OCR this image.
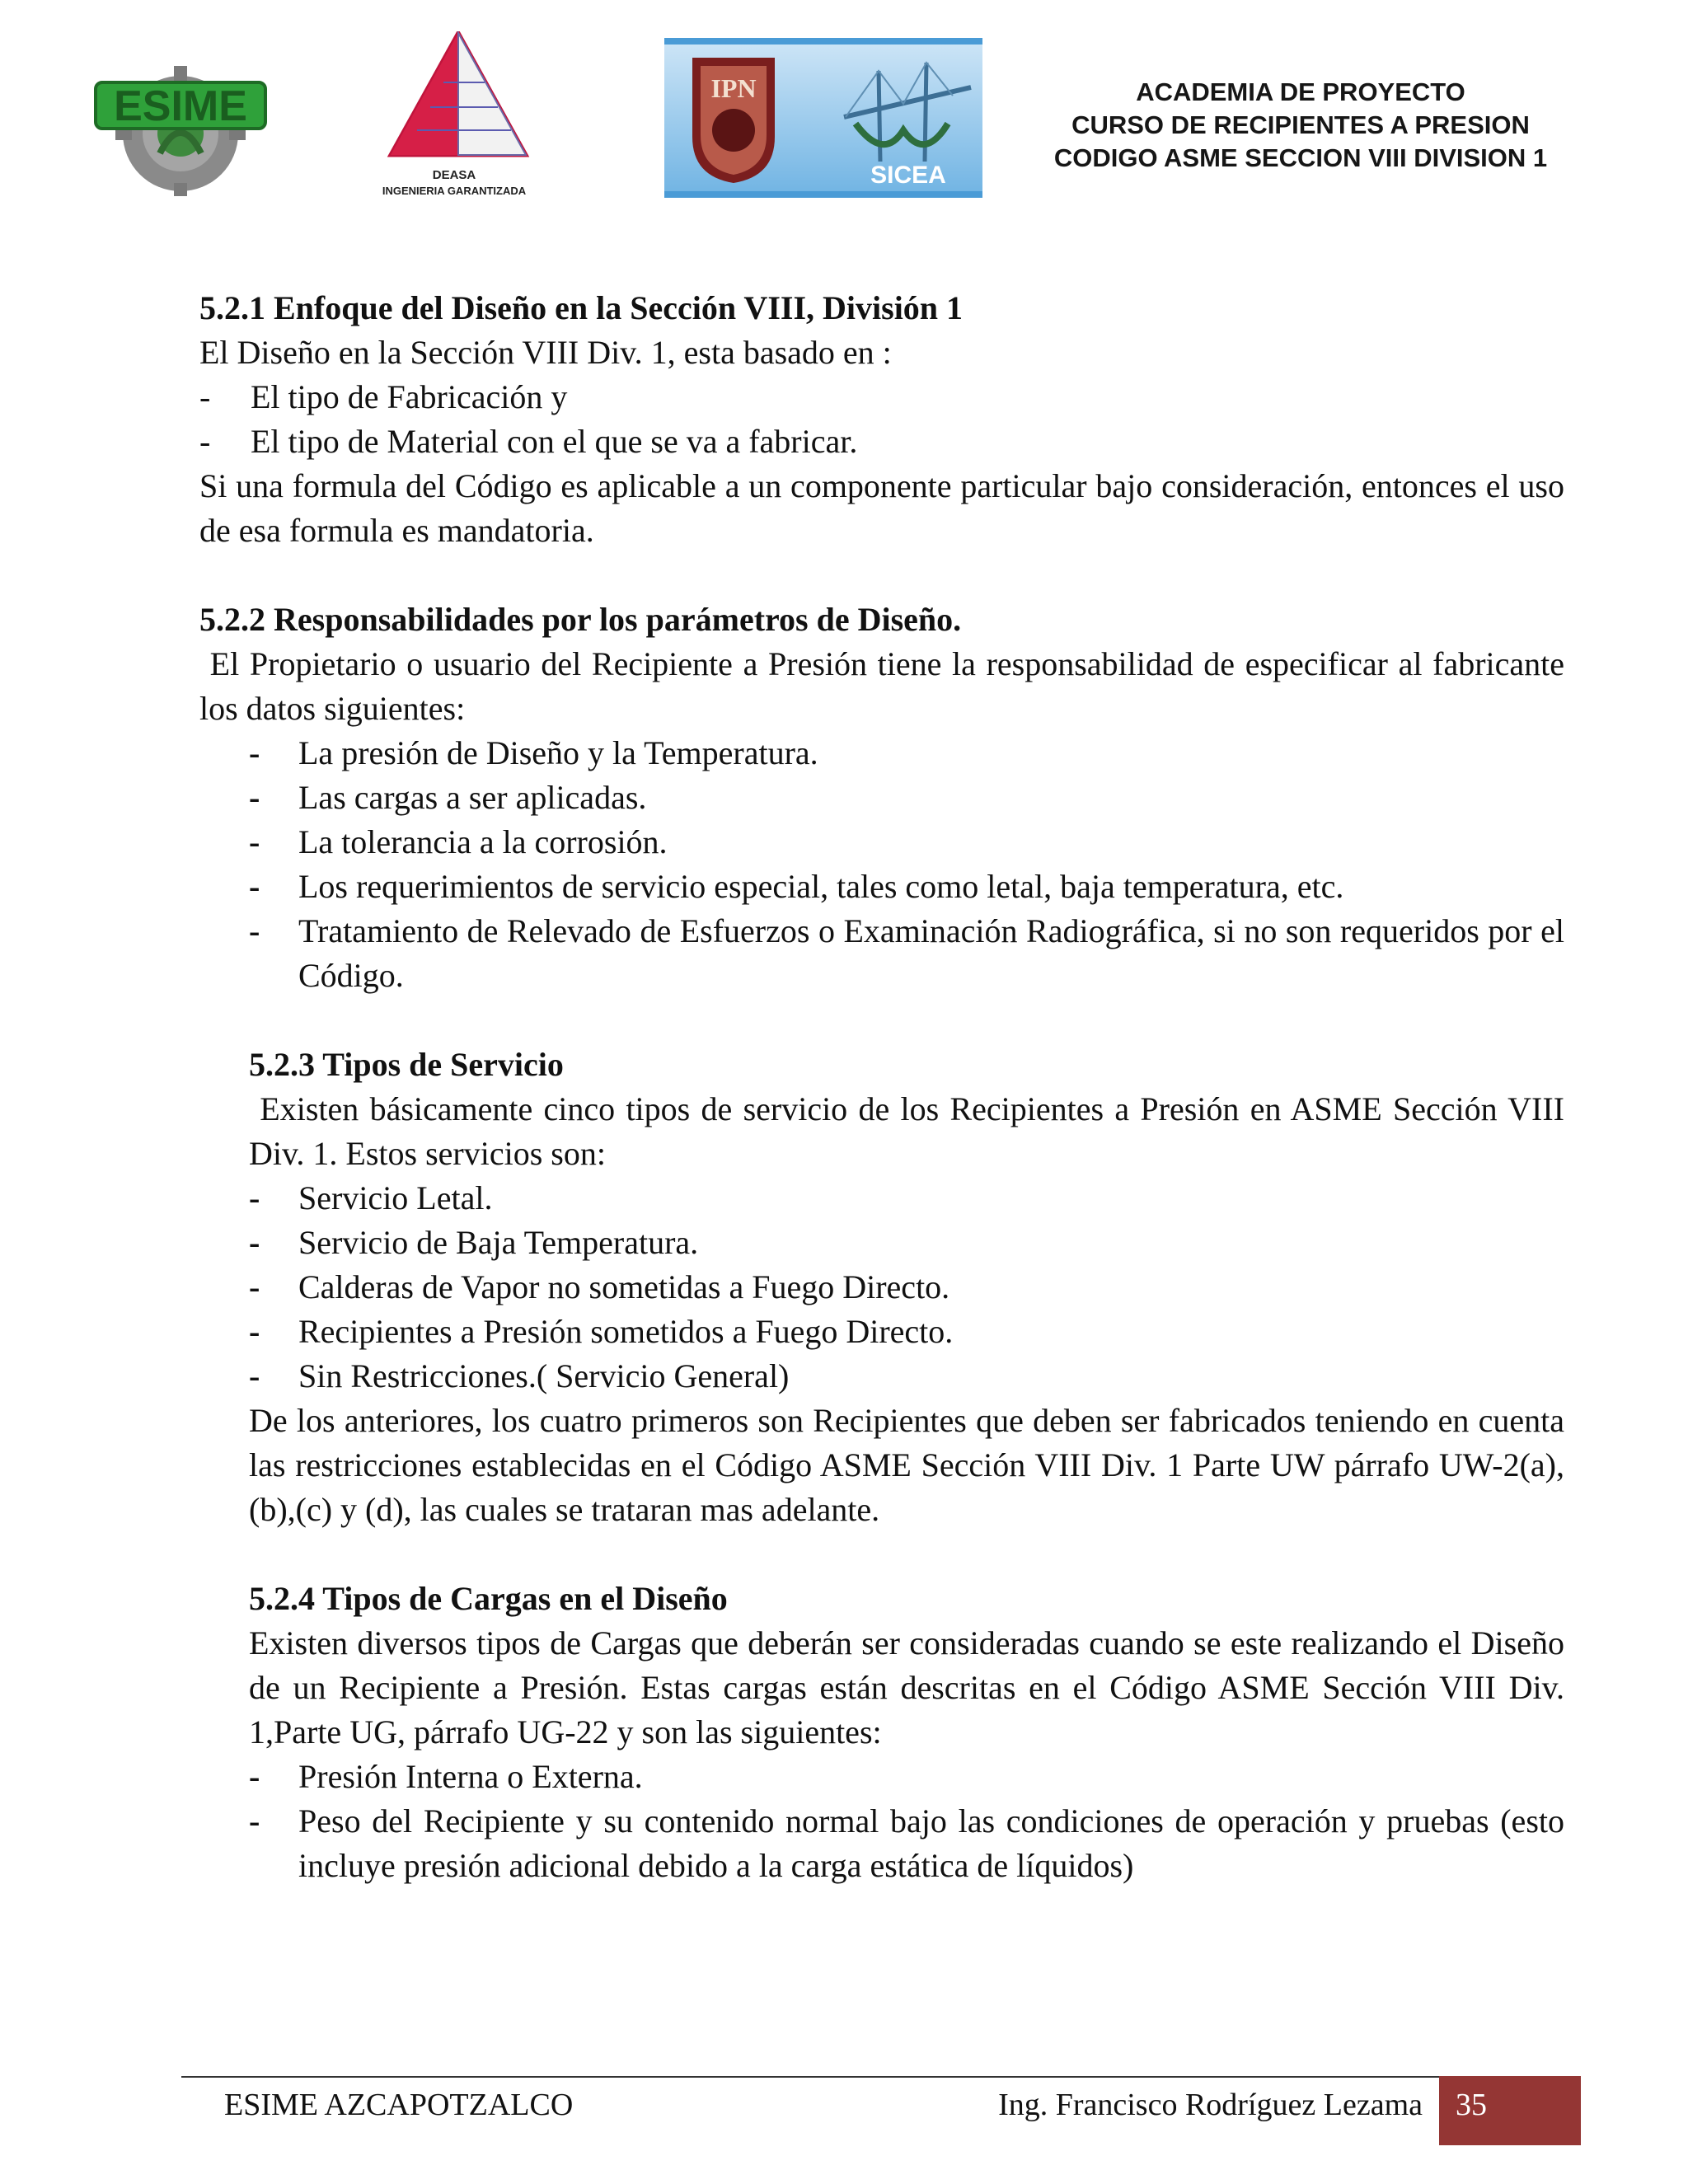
ESIME
DEASA
INGENIERIA GARANTIZADA
IPN
SICEA
ACADEMIA DE PROYECTO
CURSO DE RECIPIENTES A PRESION
CODIGO ASME SECCION VIII DIVISION 1

5.2.1 Enfoque del Diseño en la Sección VIII, División 1

El Diseño en la Sección VIII Div. 1, esta basado en :

- El tipo de Fabricación y

- El tipo de Material con el que se va a fabricar.

Si una formula del Código es aplicable a un componente particular bajo consideración, entonces el uso de esa formula es mandatoria.

5.2.2 Responsabilidades por los parámetros de Diseño.

El Propietario o usuario del Recipiente a Presión tiene la responsabilidad de especificar al fabricante los datos siguientes:

- La presión de Diseño y la Temperatura.

- Las cargas a ser aplicadas.

- La tolerancia a la corrosión.

- Los requerimientos de servicio especial, tales como letal, baja temperatura, etc.

- Tratamiento de Relevado de Esfuerzos o Examinación Radiográfica, si no son requeridos por el Código.

5.2.3 Tipos de Servicio

Existen básicamente cinco tipos de servicio de los Recipientes a Presión en ASME Sección VIII Div. 1. Estos servicios son:

- Servicio Letal.

- Servicio de Baja Temperatura.

- Calderas de Vapor no sometidas a Fuego Directo.

- Recipientes a Presión sometidos a Fuego Directo.

- Sin Restricciones.( Servicio General)

De los anteriores, los cuatro primeros son Recipientes que deben ser fabricados teniendo en cuenta las restricciones establecidas en el Código ASME Sección VIII Div. 1 Parte UW párrafo UW-2(a),(b),(c) y (d), las cuales se trataran mas adelante.

5.2.4 Tipos de Cargas en el Diseño

Existen diversos tipos de Cargas que deberán ser consideradas cuando se este realizando el Diseño de un Recipiente a Presión. Estas cargas están descritas en el Código ASME Sección VIII Div. 1,Parte UG, párrafo UG-22 y son las siguientes:

- Presión Interna o Externa.

- Peso del Recipiente y su contenido normal bajo las condiciones de operación y pruebas (esto incluye presión adicional debido a la carga estática de líquidos)

ESIME AZCAPOTZALCO	Ing. Francisco Rodríguez Lezama 35
